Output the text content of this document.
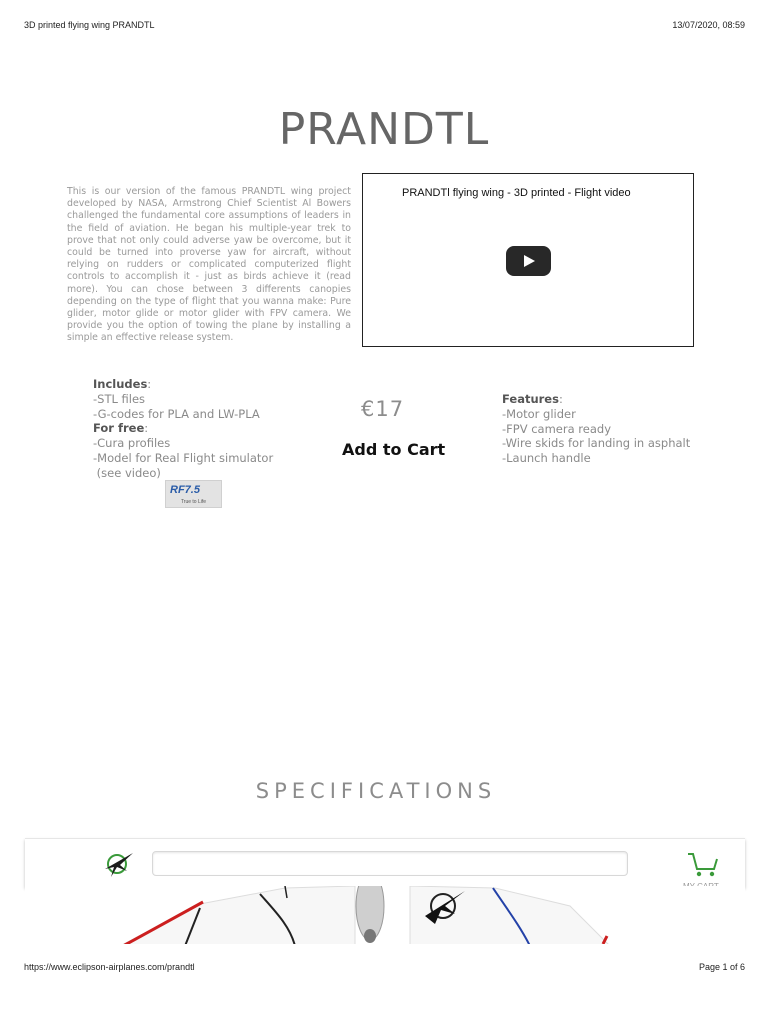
3D printed flying wing PRANDTL	13/07/2020, 08:59
PRANDTL
This is our version of the famous PRANDTL wing project developed by NASA, Armstrong Chief Scientist Al Bowers challenged the fundamental core assumptions of leaders in the field of aviation. He began his multiple-year trek to prove that not only could adverse yaw be overcome, but it could be turned into proverse yaw for aircraft, without relying on rudders or complicated computerized flight controls to accomplish it - just as birds achieve it (read more). You can chose between 3 differents canopies depending on the type of flight that you wanna make: Pure glider, motor glide or motor glider with FPV camera. We provide you the option of towing the plane by installing a simple an effective release system.
PRANDTl flying wing - 3D printed - Flight video
Includes:
-STL files
-G-codes for PLA and LW-PLA
For free:
-Cura profiles
-Model for Real Flight simulator
(see video)
RF7.5
True to Life
€17
Add to Cart
Features:
-Motor glider
-FPV camera ready
-Wire skids for landing in asphalt
-Launch handle
SPECIFICATIONS
https://www.eclipson-airplanes.com/prandtl	Page 1 of 6
